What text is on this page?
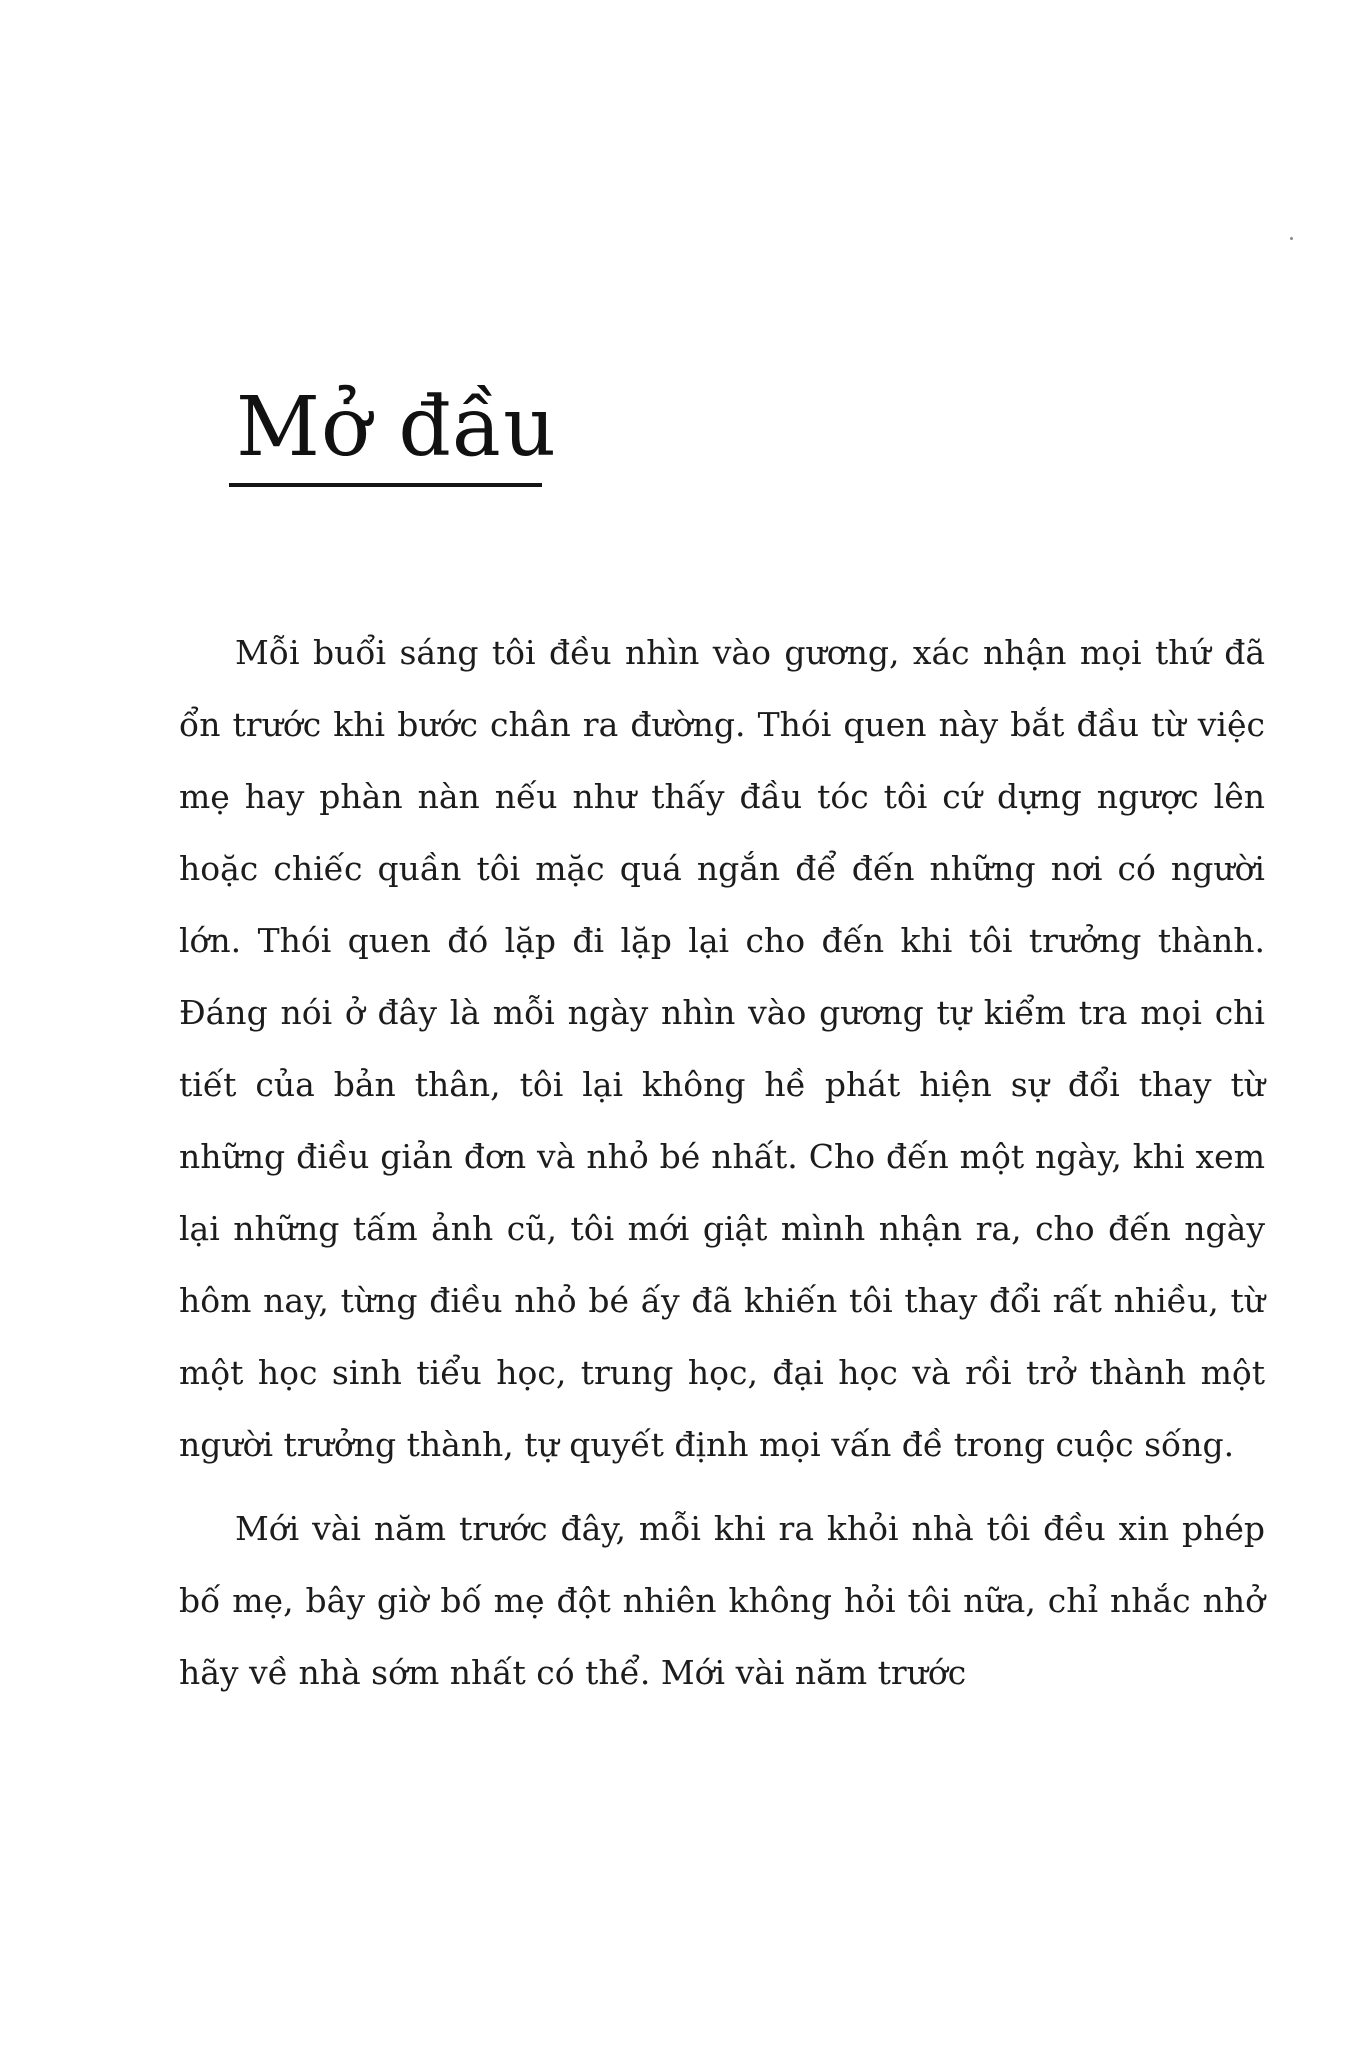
Mở đầu

Mỗi buổi sáng tôi đều nhìn vào gương, xác nhận mọi thứ đã ổn trước khi bước chân ra đường. Thói quen này bắt đầu từ việc mẹ hay phàn nàn nếu như thấy đầu tóc tôi cứ dựng ngược lên hoặc chiếc quần tôi mặc quá ngắn để đến những nơi có người lớn. Thói quen đó lặp đi lặp lại cho đến khi tôi trưởng thành. Đáng nói ở đây là mỗi ngày nhìn vào gương tự kiểm tra mọi chi tiết của bản thân, tôi lại không hề phát hiện sự đổi thay từ những điều giản đơn và nhỏ bé nhất. Cho đến một ngày, khi xem lại những tấm ảnh cũ, tôi mới giật mình nhận ra, cho đến ngày hôm nay, từng điều nhỏ bé ấy đã khiến tôi thay đổi rất nhiều, từ một học sinh tiểu học, trung học, đại học và rồi trở thành một người trưởng thành, tự quyết định mọi vấn đề trong cuộc sống.

Mới vài năm trước đây, mỗi khi ra khỏi nhà tôi đều xin phép bố mẹ, bây giờ bố mẹ đột nhiên không hỏi tôi nữa, chỉ nhắc nhở hãy về nhà sớm nhất có thể. Mới vài năm trước
